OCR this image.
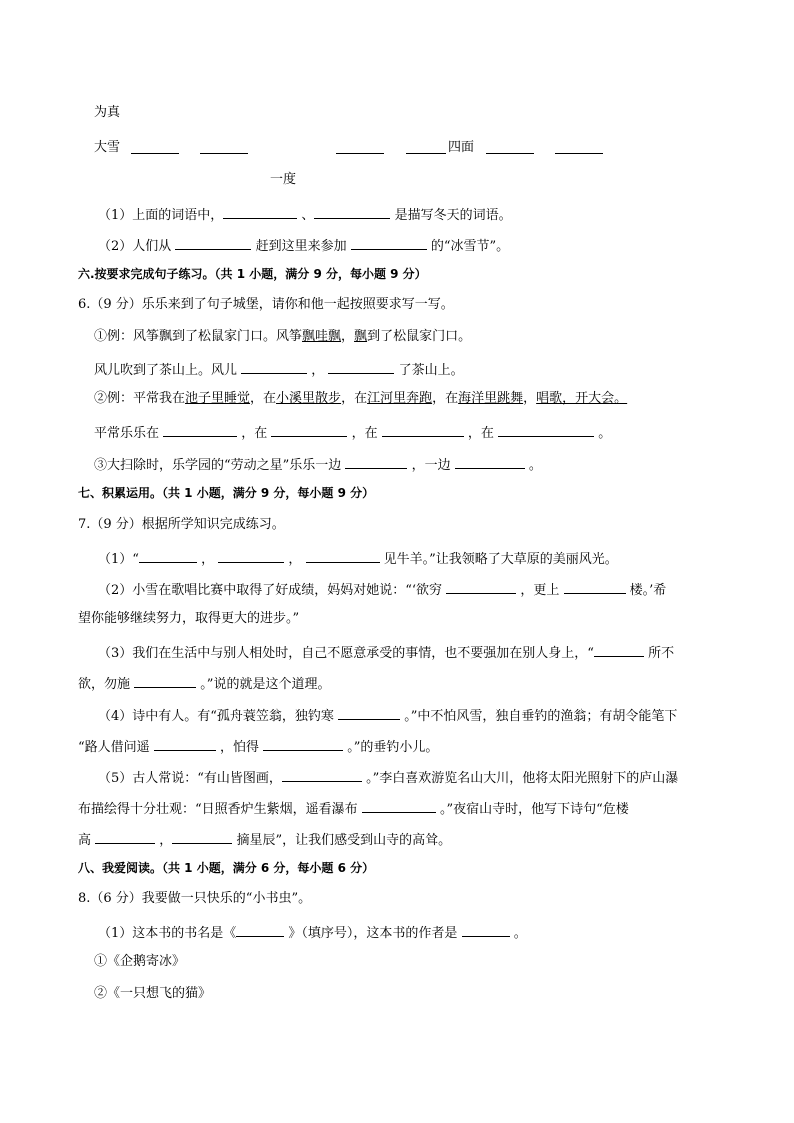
为真
大雪	四面
一度
（1）上面的词语中，	、	是描写冬天的词语。
（2）人们从	赶到这里来参加	的“冰雪节”。
六.按要求完成句子练习。（共 1 小题，满分 9 分，每小题 9 分）
6.（9 分）乐乐来到了句子城堡，请你和他一起按照要求写一写。
①例：风筝飘到了松鼠家门口。风筝飘哇飘，飘到了松鼠家门口。
风儿吹到了茶山上。风儿	，	了茶山上。
②例：平常我在池子里睡觉，在小溪里散步，在江河里奔跑，在海洋里跳舞，唱歌，开大会。
平常乐乐在	，在	，在	，在	。
③大扫除时，乐学园的“劳动之星”乐乐一边	，一边	。
七、积累运用。（共 1 小题，满分 9 分，每小题 9 分）
7.（9 分）根据所学知识完成练习。
（1）“	，	，	见牛羊。”让我领略了大草原的美丽风光。
（2）小雪在歌唱比赛中取得了好成绩，妈妈对她说：“‘欲穷	，更上	楼。’希
望你能够继续努力，取得更大的进步。”
（3）我们在生活中与别人相处时，自己不愿意承受的事情，也不要强加在别人身上，“	所不
欲，勿施	。”说的就是这个道理。
（4）诗中有人。有“孤舟蓑笠翁，独钓寒	。”中不怕风雪，独自垂钓的渔翁；有胡令能笔下
“路人借问遥	，怕得	。”的垂钓小儿。
（5）古人常说：“有山皆图画，	。”李白喜欢游览名山大川，他将太阳光照射下的庐山瀑
布描绘得十分壮观：“日照香炉生紫烟，遥看瀑布	。”夜宿山寺时，他写下诗句“危楼
高	，	摘星辰”，让我们感受到山寺的高耸。
八、我爱阅读。（共 1 小题，满分 6 分，每小题 6 分）
8.（6 分）我要做一只快乐的“小书虫”。
（1）这本书的书名是《	》（填序号），这本书的作者是	。
①《企鹅寄冰》
②《一只想飞的猫》
